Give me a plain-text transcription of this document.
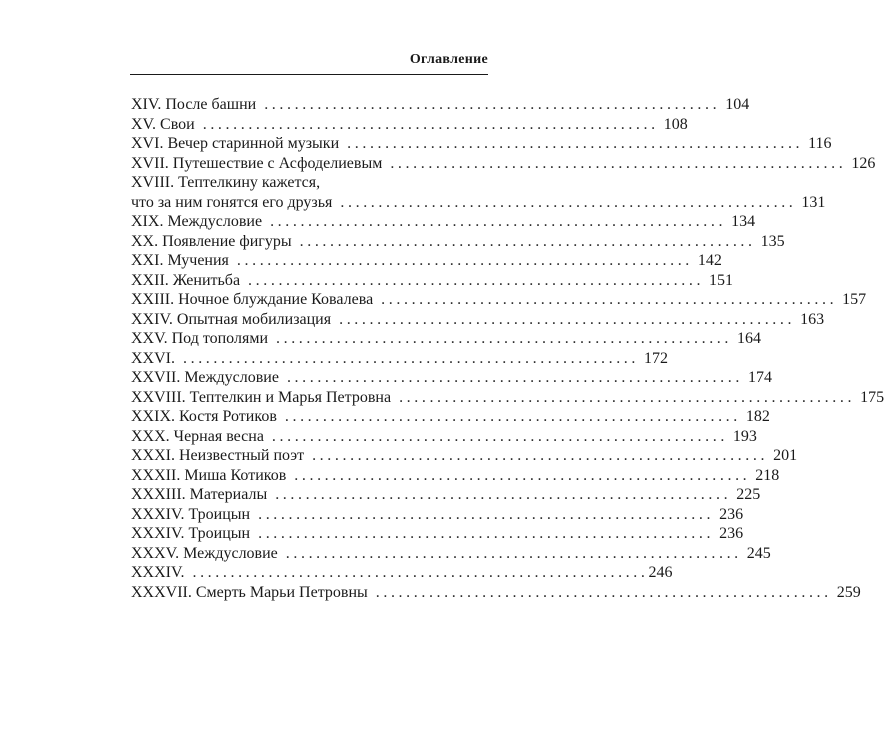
Оглавление
XIV. После башни ............................................................ 104
XV. Свои ............................................................ 108
XVI. Вечер старинной музыки ............................................................ 116
XVII. Путешествие с Асфоделиевым ............................................................ 126
XVIII. Тептелкину кажется,
что за ним гонятся его друзья ............................................................ 131
XIX. Междусловие ............................................................ 134
XX. Появление фигуры ............................................................ 135
XXI. Мучения ............................................................ 142
XXII. Женитьба ............................................................ 151
XXIII. Ночное блуждание Ковалева ............................................................ 157
XXIV. Опытная мобилизация ............................................................ 163
XXV. Под тополями ............................................................ 164
XXVI. ............................................................ 172
XXVII. Междусловие ............................................................ 174
XXVIII. Тептелкин и Марья Петровна ............................................................ 175
XXIX. Костя Ротиков ............................................................ 182
XXX. Черная весна ............................................................ 193
XXXI. Неизвестный поэт ............................................................ 201
XXXII. Миша Котиков ............................................................ 218
XXXIII. Материалы ............................................................ 225
XXXIV. Троицын ............................................................ 236
XXXIV. Троицын ............................................................ 236
XXXV. Междусловие ............................................................ 245
XXXIV. ............................................................ 246
XXXVII. Смерть Марьи Петровны ............................................................ 259
